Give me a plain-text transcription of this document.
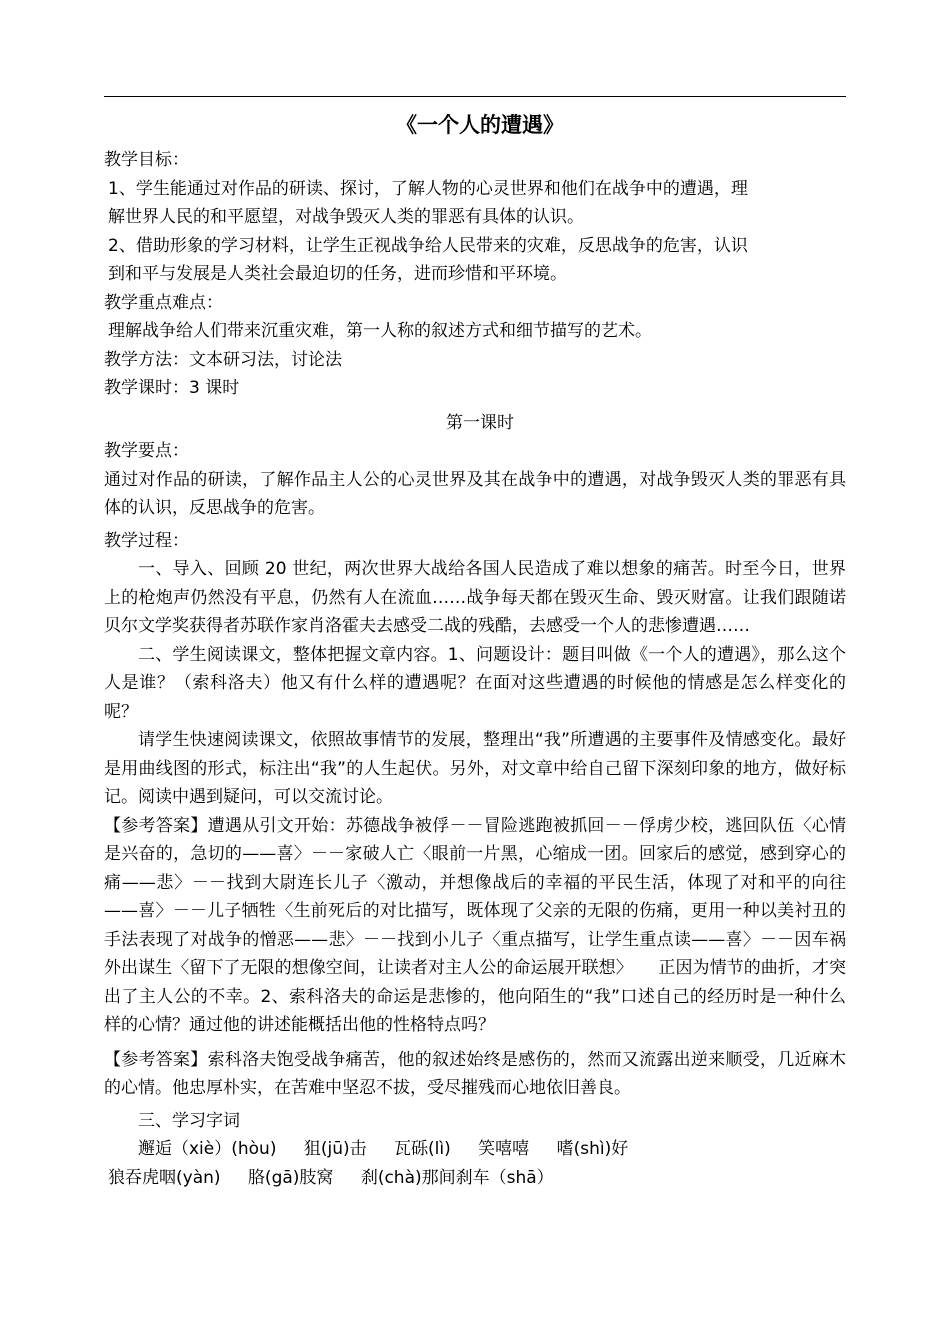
《一个人的遭遇》

教学目标：

1、学生能通过对作品的研读、探讨，了解人物的心灵世界和他们在战争中的遭遇，理

解世界人民的和平愿望，对战争毁灭人类的罪恶有具体的认识。

2、借助形象的学习材料，让学生正视战争给人民带来的灾难，反思战争的危害，认识

到和平与发展是人类社会最迫切的任务，进而珍惜和平环境。

教学重点难点：

理解战争给人们带来沉重灾难，第一人称的叙述方式和细节描写的艺术。

教学方法：文本研习法，讨论法

教学课时：3 课时

第一课时

教学要点：

通过对作品的研读，了解作品主人公的心灵世界及其在战争中的遭遇，对战争毁灭人类的罪恶有具体的认识，反思战争的危害。

教学过程：

一、导入、回顾 20 世纪，两次世界大战给各国人民造成了难以想象的痛苦。时至今日，世界上的枪炮声仍然没有平息，仍然有人在流血……战争每天都在毁灭生命、毁灭财富。让我们跟随诺贝尔文学奖获得者苏联作家肖洛霍夫去感受二战的残酷，去感受一个人的悲惨遭遇……

二、学生阅读课文，整体把握文章内容。1、问题设计：题目叫做《一个人的遭遇》，那么这个人是谁？（索科洛夫）他又有什么样的遭遇呢？在面对这些遭遇的时候他的情感是怎么样变化的呢？

请学生快速阅读课文，依照故事情节的发展，整理出“我”所遭遇的主要事件及情感变化。最好是用曲线图的形式，标注出“我”的人生起伏。另外，对文章中给自己留下深刻印象的地方，做好标记。阅读中遇到疑问，可以交流讨论。

【参考答案】遭遇从引文开始：苏德战争被俘－－冒险逃跑被抓回－－俘虏少校，逃回队伍〈心情是兴奋的，急切的——喜〉－－家破人亡〈眼前一片黑，心缩成一团。回家后的感觉，感到穿心的痛——悲〉－－找到大尉连长儿子〈激动，并想像战后的幸福的平民生活，体现了对和平的向往——喜〉－－儿子牺牲〈生前死后的对比描写，既体现了父亲的无限的伤痛，更用一种以美衬丑的手法表现了对战争的憎恶——悲〉－－找到小儿子〈重点描写，让学生重点读——喜〉－－因车祸外出谋生〈留下了无限的想像空间，让读者对主人公的命运展开联想〉　　正因为情节的曲折，才突出了主人公的不幸。2、索科洛夫的命运是悲惨的，他向陌生的“我”口述自己的经历时是一种什么样的心情？通过他的讲述能概括出他的性格特点吗？

【参考答案】索科洛夫饱受战争痛苦，他的叙述始终是感伤的，然而又流露出逆来顺受，几近麻木的心情。他忠厚朴实，在苦难中坚忍不拔，受尽摧残而心地依旧善良。

三、学习字词

邂逅（xiè）(hòu) 狙(jū)击 瓦砾(lì) 笑嘻嘻 嗜(shì)好

狼吞虎咽(yàn) 胳(gā)肢窝 刹(chà)那间刹车（shā）
